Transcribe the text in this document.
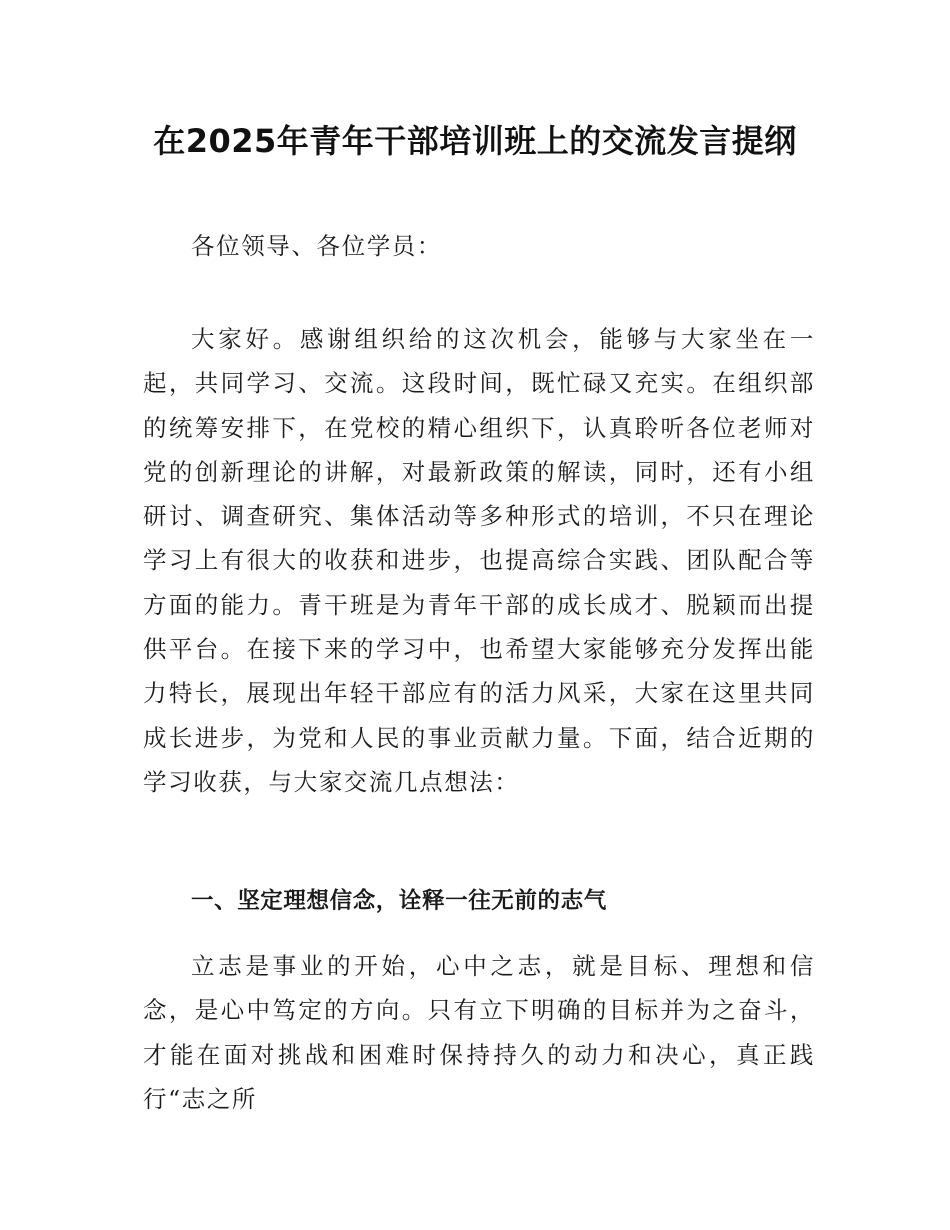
在2025年青年干部培训班上的交流发言提纲
各位领导、各位学员：
大家好。感谢组织给的这次机会，能够与大家坐在一起，共同学习、交流。这段时间，既忙碌又充实。在组织部的统筹安排下，在党校的精心组织下，认真聆听各位老师对党的创新理论的讲解，对最新政策的解读，同时，还有小组研讨、调查研究、集体活动等多种形式的培训，不只在理论学习上有很大的收获和进步，也提高综合实践、团队配合等方面的能力。青干班是为青年干部的成长成才、脱颖而出提供平台。在接下来的学习中，也希望大家能够充分发挥出能力特长，展现出年轻干部应有的活力风采，大家在这里共同成长进步，为党和人民的事业贡献力量。下面，结合近期的学习收获，与大家交流几点想法：
一、坚定理想信念，诠释一往无前的志气
立志是事业的开始，心中之志，就是目标、理想和信念，是心中笃定的方向。只有立下明确的目标并为之奋斗，才能在面对挑战和困难时保持持久的动力和决心，真正践行“志之所
